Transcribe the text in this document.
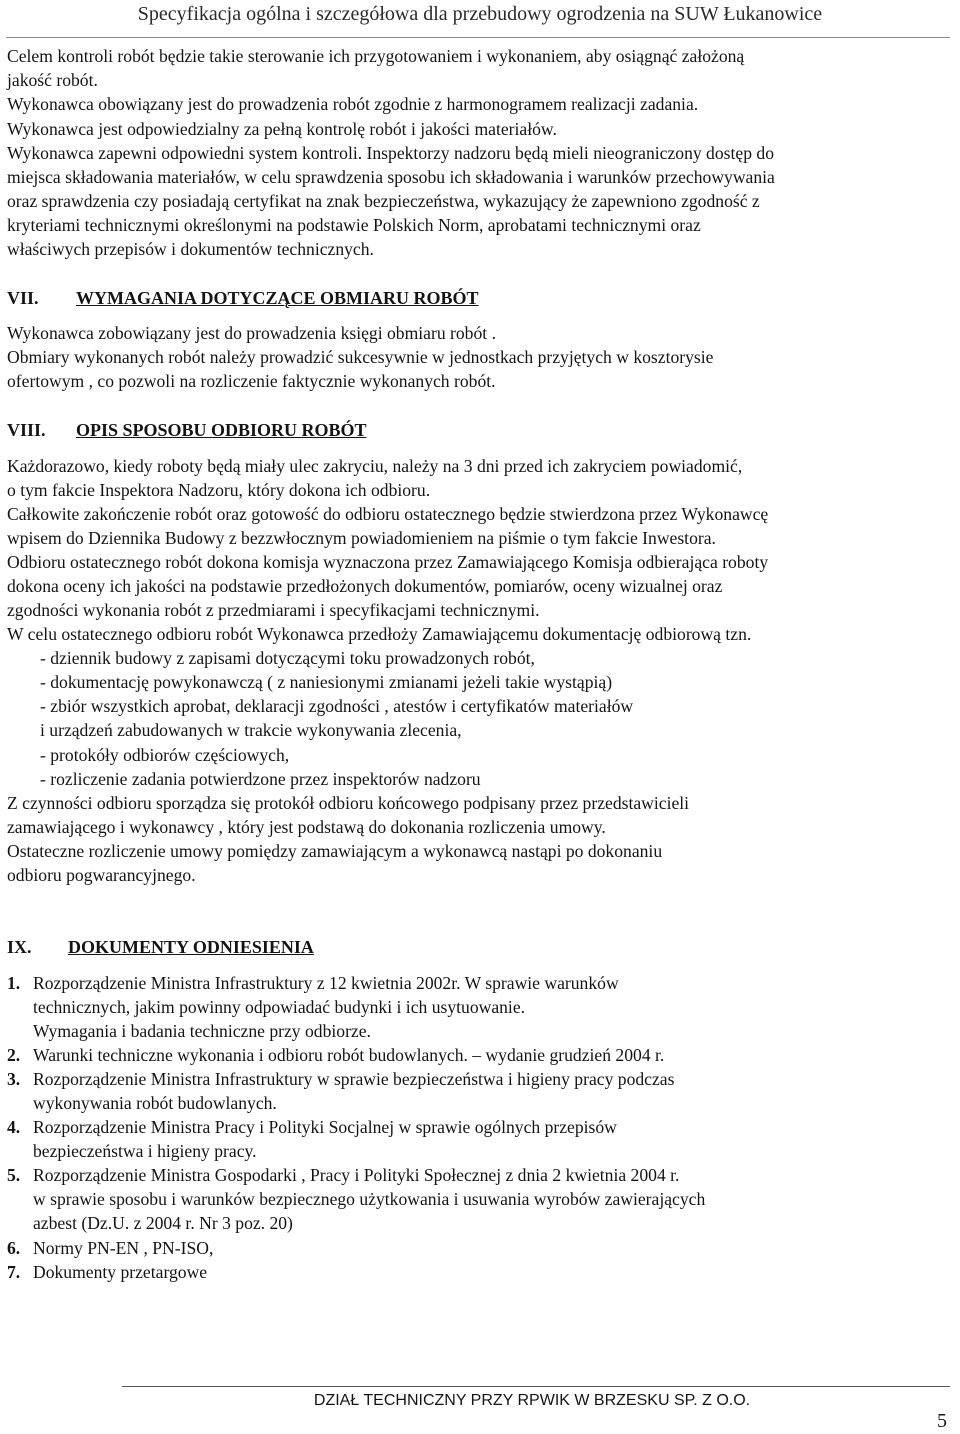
Specyfikacja ogólna i szczegółowa dla przebudowy ogrodzenia na SUW Łukanowice
Celem kontroli robót będzie takie sterowanie ich przygotowaniem i wykonaniem, aby osiągnąć założoną
jakość robót.
Wykonawca obowiązany jest do prowadzenia robót zgodnie z harmonogramem realizacji zadania.
Wykonawca jest odpowiedzialny za pełną kontrolę robót i jakości materiałów.
Wykonawca zapewni odpowiedni system kontroli. Inspektorzy nadzoru będą mieli nieograniczony dostęp do
miejsca składowania materiałów, w celu sprawdzenia sposobu ich składowania i warunków przechowywania
oraz sprawdzenia czy posiadają certyfikat na znak bezpieczeństwa, wykazujący że zapewniono zgodność z
kryteriami technicznymi określonymi na podstawie Polskich Norm, aprobatami technicznymi oraz
właściwych przepisów i dokumentów technicznych.
VII. WYMAGANIA DOTYCZĄCE OBMIARU ROBÓT
Wykonawca zobowiązany jest do prowadzenia księgi obmiaru robót .
Obmiary wykonanych robót należy prowadzić sukcesywnie w jednostkach przyjętych w kosztorysie
ofertowym , co pozwoli na rozliczenie faktycznie wykonanych robót.
VIII. OPIS SPOSOBU ODBIORU ROBÓT
Każdorazowo, kiedy roboty będą miały ulec zakryciu, należy na 3 dni przed ich zakryciem powiadomić,
o tym fakcie Inspektora Nadzoru, który dokona ich odbioru.
Całkowite zakończenie robót oraz gotowość do odbioru ostatecznego będzie stwierdzona przez Wykonawcę
wpisem do Dziennika Budowy z bezzwłocznym powiadomieniem na piśmie o tym fakcie Inwestora.
Odbioru ostatecznego robót dokona komisja wyznaczona przez Zamawiającego Komisja odbierająca roboty
dokona oceny ich jakości na podstawie przedłożonych dokumentów, pomiarów, oceny wizualnej oraz
zgodności wykonania robót z przedmiarami i specyfikacjami technicznymi.
W celu ostatecznego odbioru robót Wykonawca przedłoży Zamawiającemu dokumentację odbiorową tzn.
- dziennik budowy z zapisami dotyczącymi toku prowadzonych robót,
- dokumentację powykonawczą ( z naniesionymi zmianami jeżeli takie wystąpią)
- zbiór wszystkich aprobat, deklaracji zgodności , atestów i certyfikatów materiałów
i urządzeń zabudowanych w trakcie wykonywania zlecenia,
- protokóły odbiorów częściowych,
- rozliczenie zadania potwierdzone przez inspektorów nadzoru
Z czynności odbioru sporządza się protokół odbioru końcowego podpisany przez przedstawicieli
zamawiającego i wykonawcy , który jest podstawą do dokonania rozliczenia umowy.
Ostateczne rozliczenie umowy pomiędzy zamawiającym a wykonawcą nastąpi po dokonaniu
odbioru pogwarancyjnego.
IX. DOKUMENTY ODNIESIENIA
1. Rozporządzenie Ministra Infrastruktury z 12 kwietnia 2002r. W sprawie warunków
technicznych, jakim powinny odpowiadać budynki i ich usytuowanie.
Wymagania i badania techniczne przy odbiorze.
2. Warunki techniczne wykonania i odbioru robót budowlanych. – wydanie grudzień 2004 r.
3. Rozporządzenie Ministra Infrastruktury w sprawie bezpieczeństwa i higieny pracy podczas
wykonywania robót budowlanych.
4. Rozporządzenie Ministra Pracy i Polityki Socjalnej w sprawie ogólnych przepisów
bezpieczeństwa i higieny pracy.
5. Rozporządzenie Ministra Gospodarki , Pracy i Polityki Społecznej z dnia 2 kwietnia 2004 r.
w sprawie sposobu i warunków bezpiecznego użytkowania i usuwania wyrobów zawierających
azbest (Dz.U. z 2004 r. Nr 3 poz. 20)
6. Normy PN-EN , PN-ISO,
7. Dokumenty przetargowe
DZIAŁ TECHNICZNY PRZY RPWIK W BRZESKU SP. Z O.O.
5
